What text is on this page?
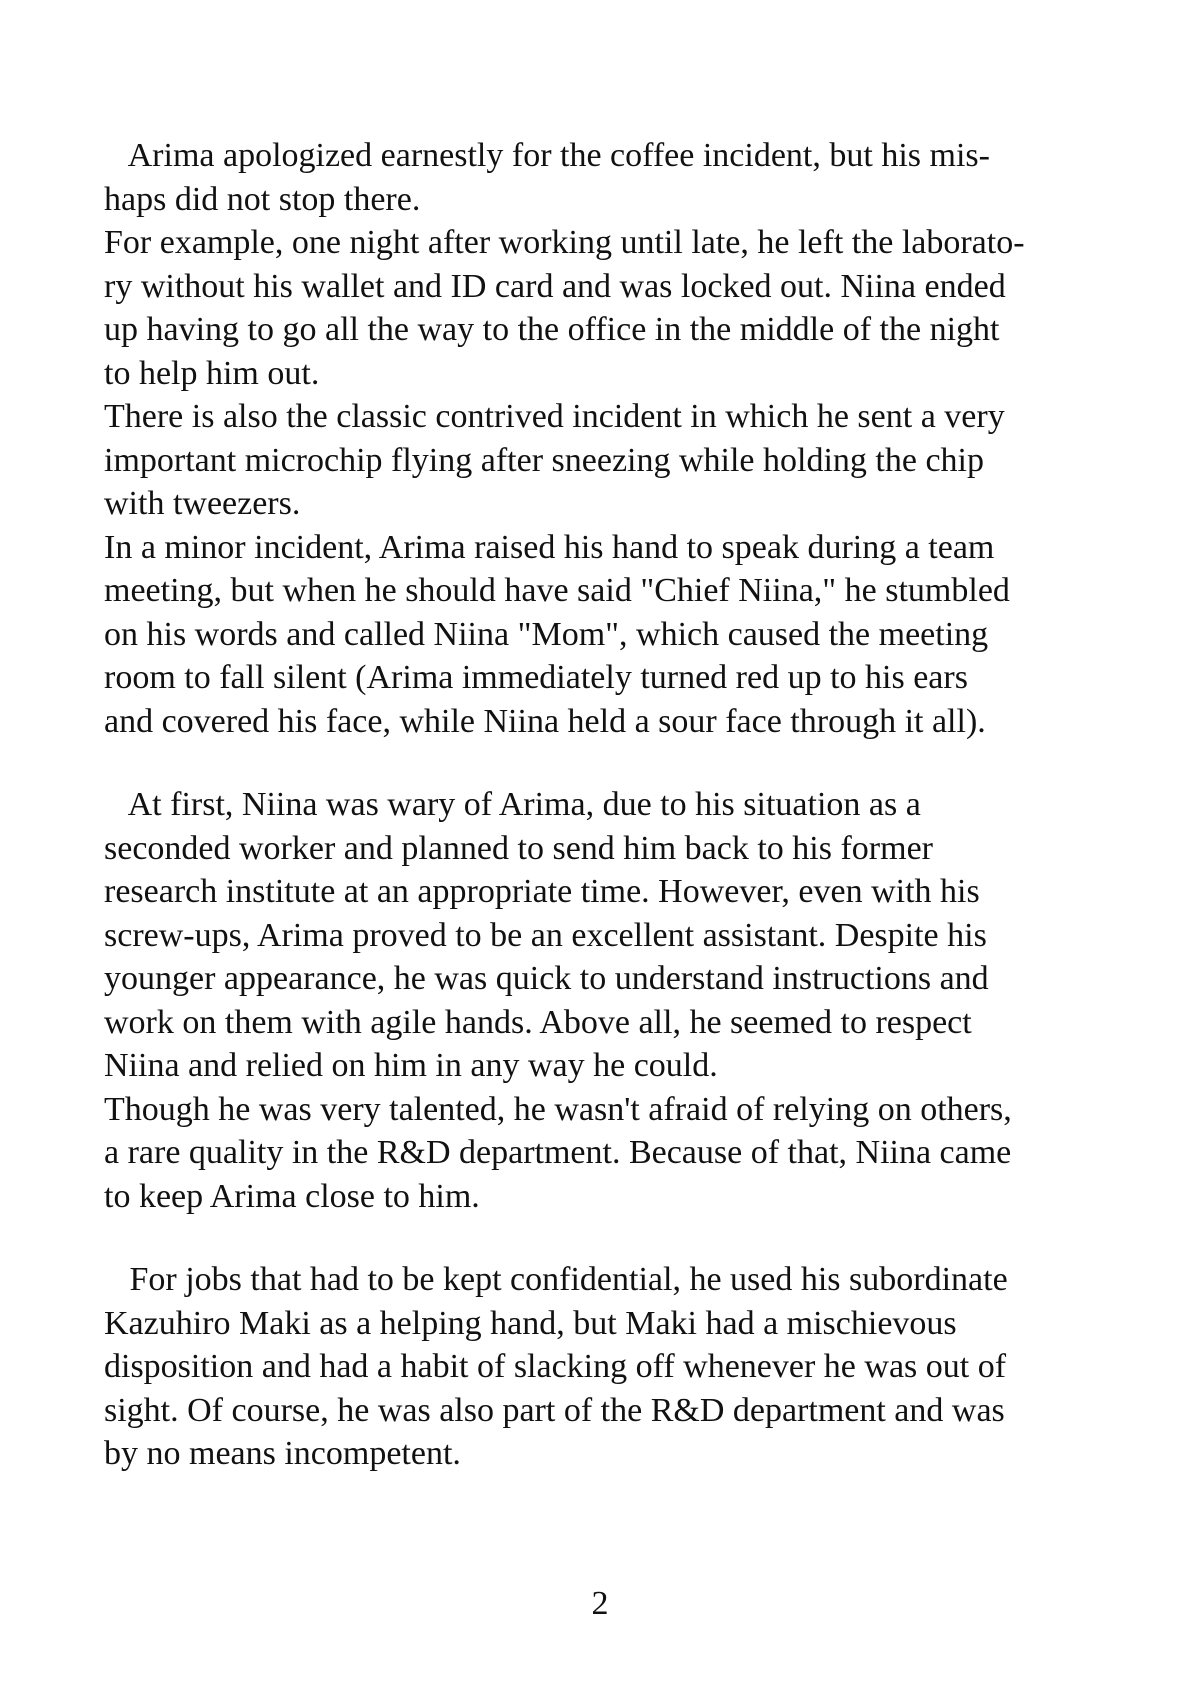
Arima apologized earnestly for the coffee incident, but his mis-
haps did not stop there.
For example, one night after working until late, he left the laborato-
ry without his wallet and ID card and was locked out. Niina ended
up having to go all the way to the office in the middle of the night
to help him out.
There is also the classic contrived incident in which he sent a very
important microchip flying after sneezing while holding the chip
with tweezers.
In a minor incident, Arima raised his hand to speak during a team
meeting, but when he should have said "Chief Niina," he stumbled
on his words and called Niina "Mom", which caused the meeting
room to fall silent (Arima immediately turned red up to his ears
and covered his face, while Niina held a sour face through it all).
At first, Niina was wary of Arima, due to his situation as a
seconded worker and planned to send him back to his former
research institute at an appropriate time. However, even with his
screw-ups, Arima proved to be an excellent assistant. Despite his
younger appearance, he was quick to understand instructions and
work on them with agile hands. Above all, he seemed to respect
Niina and relied on him in any way he could.
Though he was very talented, he wasn't afraid of relying on others,
a rare quality in the R&D department. Because of that, Niina came
to keep Arima close to him.
For jobs that had to be kept confidential, he used his subordinate
Kazuhiro Maki as a helping hand, but Maki had a mischievous
disposition and had a habit of slacking off whenever he was out of
sight. Of course, he was also part of the R&D department and was
by no means incompetent.
2
